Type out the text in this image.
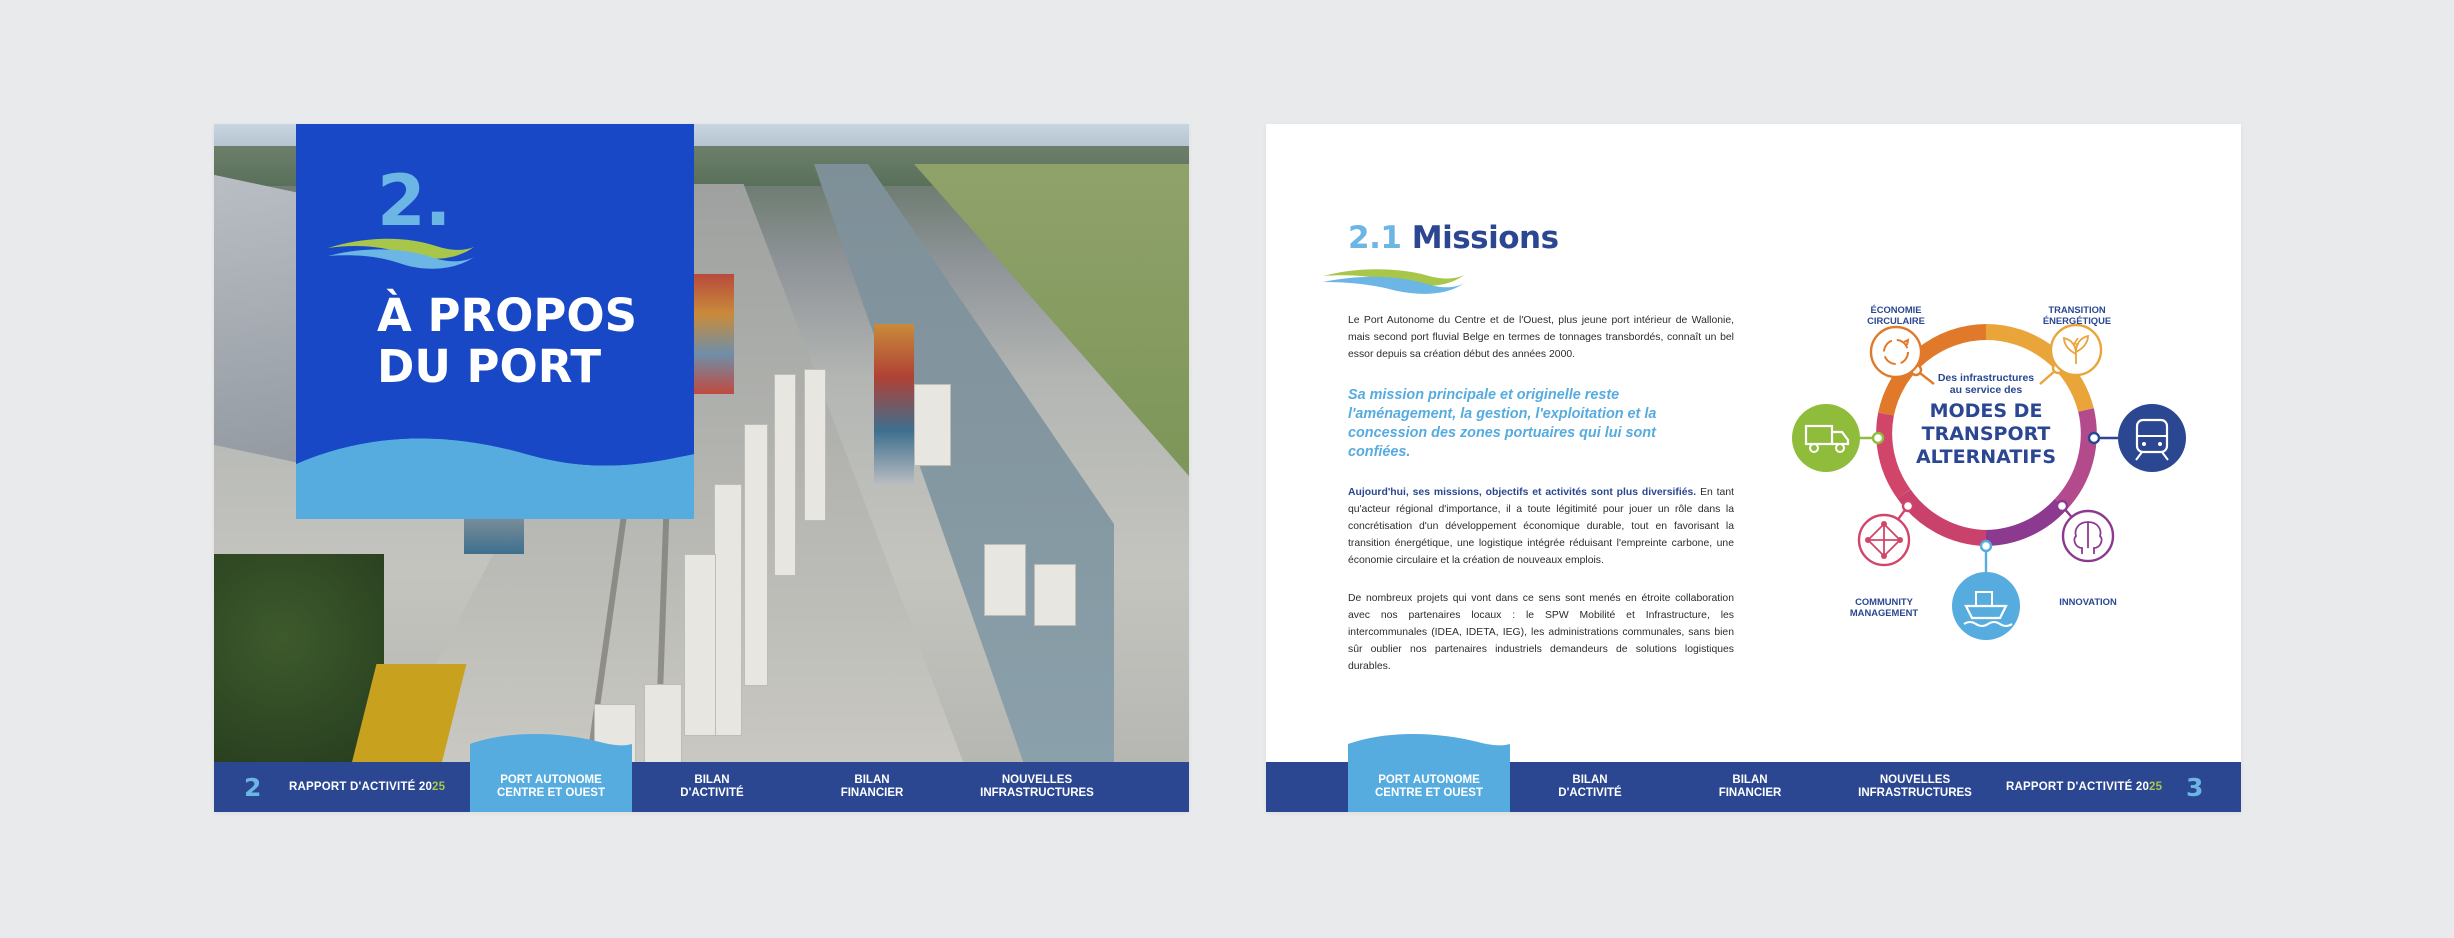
2.
À PROPOS DU PORT
2 RAPPORT D'ACTIVITÉ 20 25
PORT AUTONOME
CENTRE ET OUEST
BILAN
D'ACTIVITÉ
BILAN
FINANCIER
NOUVELLES
INFRASTRUCTURES
2.1 Missions
Le Port Autonome du Centre et de l'Ouest, plus jeune port intérieur de Wallonie, mais second port fluvial Belge en termes de tonnages transbordés, connaît un bel essor depuis sa création début des années 2000.
Sa mission principale et originelle reste l'aménagement, la gestion, l'exploitation et la concession des zones portuaires qui lui sont confiées.
Aujourd'hui, ses missions, objectifs et activités sont plus diversifiés. En tant qu'acteur régional d'importance, il a toute légitimité pour jouer un rôle dans la concrétisation d'un développement économique durable, tout en favorisant la transition énergétique, une logistique intégrée réduisant l'empreinte carbone, une économie circulaire et la création de nouveaux emplois.
De nombreux projets qui vont dans ce sens sont menés en étroite collaboration avec nos partenaires locaux : le SPW Mobilité et Infrastructure, les intercommunales (IDEA, IDETA, IEG), les administrations communales, sans bien sûr oublier nos partenaires industriels demandeurs de solutions logistiques durables.
Des infrastructures
au service des
MODES DE
TRANSPORT
ALTERNATIFS
ÉCONOMIE
CIRCULAIRE
TRANSITION
ÉNERGÉTIQUE
INNOVATION
COMMUNITY
MANAGEMENT
RAPPORT D'ACTIVITÉ 20 25 3
PORT AUTONOME
CENTRE ET OUEST
BILAN
D'ACTIVITÉ
BILAN
FINANCIER
NOUVELLES
INFRASTRUCTURES
